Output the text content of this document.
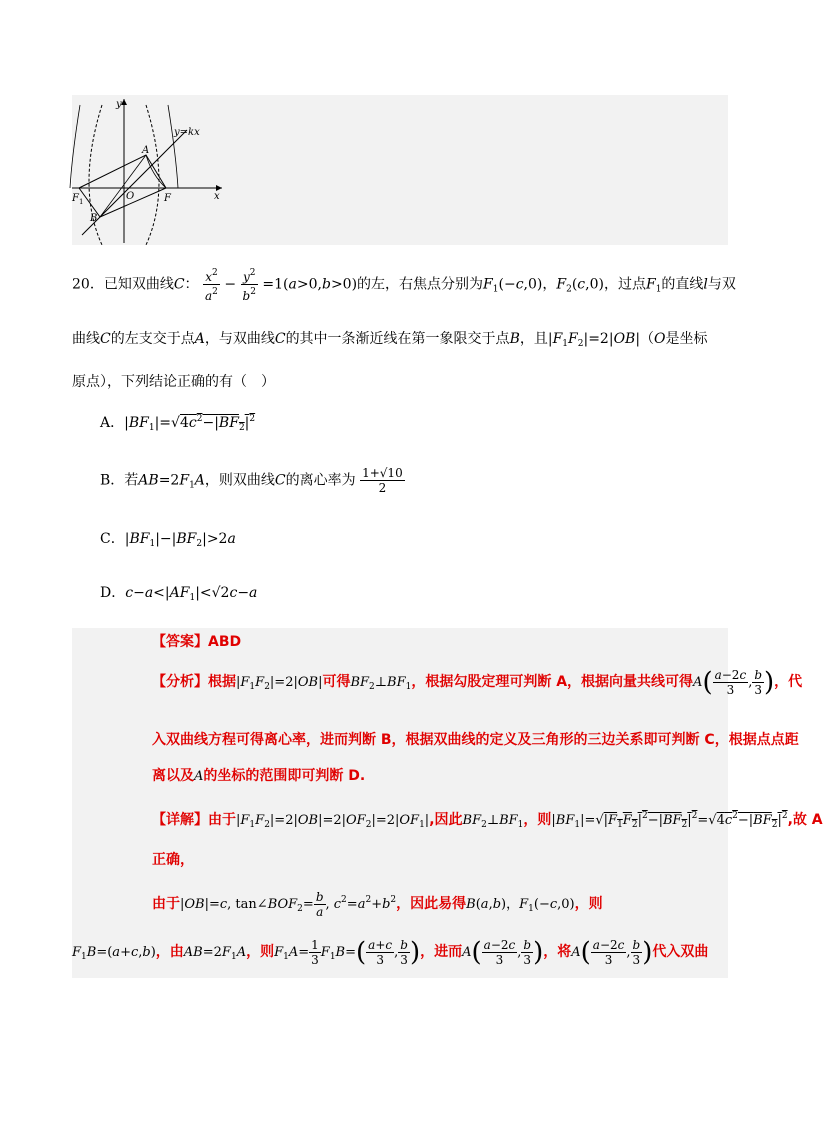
y
x
y=kx
A
O	F
F 1
B
20．已知双曲线C： $\frac{x^2}{a^2} - \frac{y^2}{b^2} =1(a>0,b>0)$的左，右焦点分别为$F_1(-c,0)$，$F_2(c,0)$，过点$F_1$的直线l与双
曲线C的左支交于点A，与双曲线C的其中一条渐近线在第一象限交于点B，且$|F_1F_2|=2|OB|(O$是坐标
原点），下列结论正确的有（　）
A．$|BF_1|=√4c^2-|BF_2|^2$
B．若$AB=2F_1A$，则双曲线C的离心率为 $\frac{1+√10}{2}$
C．$|BF_1|-|BF_2|>2a$
D．$c-a<|AF_1|<√2c-a$
【答案】ABD
【分析】根据$|F_1F_2|=2|OB|$可得$BF_2\perp BF_1$，根据勾股定理可判断 A，根据向量共线可得$A( \frac{a-2c}{3}$ , $\frac{b}{3}$ )，代
入双曲线方程可得离心率，进而判断 B，根据双曲线的定义及三角形的三边关系即可判断 C，根据点点距
离以及A的坐标的范围即可判断 D.
【详解】由于$|F_1F_2|=2|OB|=2|OF_2|=2|OF_1|$,因此$BF_2\perp BF_1$，则$|BF_1|=√|F_1F_2|^2-|BF_2|^2=√4c^2-|BF_2|^2$,故 A
正确，
由于|OB|=c, $\tan\angle BOF_2= \frac{b}{a}$ , $c^2=a^2+b^2$，因此易得B(a,b)，$F_1(-c,0)$，则
$F_1B=(a+c,b)$，由$AB=2F_1A$，则$F_1A= \frac{1}{3} F_1B=( \frac{a+c}{3}$ , $\frac{b}{3}$ )，进而$A( \frac{a-2c}{3}$ , $\frac{b}{3}$ )，将$A( \frac{a-2c}{3}$ , $\frac{b}{3}$ )代入双曲
